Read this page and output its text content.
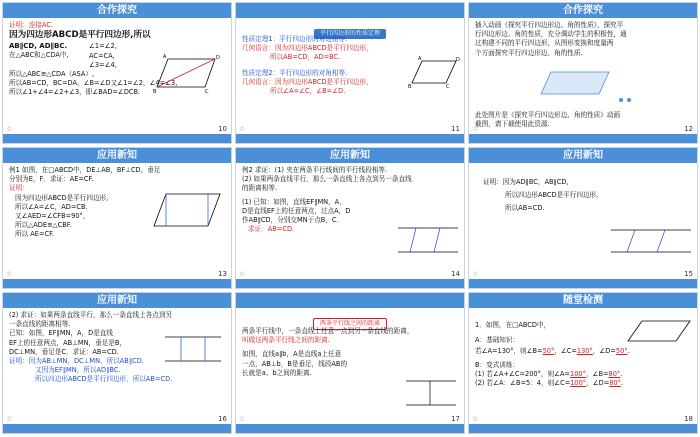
合作探究
证明：连接AC.
因为四边形ABCD是平行四边形,所以
AB∥CD, AD∥BC.	∠1=∠2,
在△ABC和△CDA中,	AC=CA,
∠3=∠4,
所以△ABC≌△CDA（ASA）,
所以AB=CD，BC=DA，∠B=∠D又∠1=∠2，∠4=∠3,
所以∠1+∠4=∠2+∠3，即∠BAD=∠DCB.
A
B	C
D
☆	10
平行四边形的性质定理
性质定理1：平行四边形的对边相等.
几何语言：因为四边形ABCD是平行四边形，
所以AB=CD，AD=BC.
性质定理2：平行四边形的对角相等.
几何语言：因为四边形ABCD是平行四边形，
所以∠A=∠C，∠B=∠D.
A
B	C
D
☆	11
合作探究
插入动画《探究平行四边形边、角的性质》，探究平
行四边形边、角的性质，充分调动学生的积极性，通
过构建不同的平行四边形，从图形变换和度量两
个方面探究平行四边形边、角的性质.
此处图片是《探究平行四边形边、角的性质》动画
截图，请下载使用此资源.
☆	12
应用新知
例1 如图，在□ABCD中，DE⊥AB，BF⊥CD，垂足
分别为E，F．求证：AE=CF.
证明：
因为四边形ABCD是平行四边形,
所以∠A=∠C，AD=CB.
又∠AED=∠CFB=90°，
所以△ADE≌△CBF.
所以 AE=CF.
☆	13
应用新知
例2 求证：(1) 夹在两条平行线间的平行线段相等.
(2) 如果两条直线平行，那么一条直线上各点到另一条直线
的距离相等.
(1) 已知：如图，直线EF∥MN，A，
D是直线EF上的任意两点，过点A，D
作AB∥CD，分别交MN于点B，C．
求证：AB=CD.
☆	14
应用新知
证明：因为AD∥BC，AB∥CD，
所以四边形ABCD是平行四边形,
所以AB=CD.
☆	15
应用新知
(2) 求证：如果两条直线平行，那么一条直线上各点到另
一条直线的距离相等.
已知：如图，EF∥MN，A，D是直线
EF上的任意两点，AB⊥MN，垂足是B，
DC⊥MN，垂足是C．求证：AB=CD.
证明：因为AB⊥MN，DC⊥MN，所以AB∥CD.
又因为EF∥MN，所以AD∥BC.
所以四边形ABCD是平行四边形，所以AB=CD.
☆	16
两条平行线之间的距离
两条平行线中，一条直线上任意一点到另一条直线的距离，
叫做这两条平行线之间的距离.
如图，直线a∥b，A是直线a上任意
一点，AB⊥b，B是垂足，线段AB的
长就是a、b之间的距离.
☆	17
随堂检测
1．如图，在□ABCD中，
A：基础知识：
若∠A=130°，则∠B=50°，∠C=130°，∠D=50°.
B：变式训练：
(1) 若∠A+∠C=200°，则∠A=100°，∠B=80°.
(2) 若∠A：∠B=5：4，则∠C=100°，∠D=80°.
☆	18
